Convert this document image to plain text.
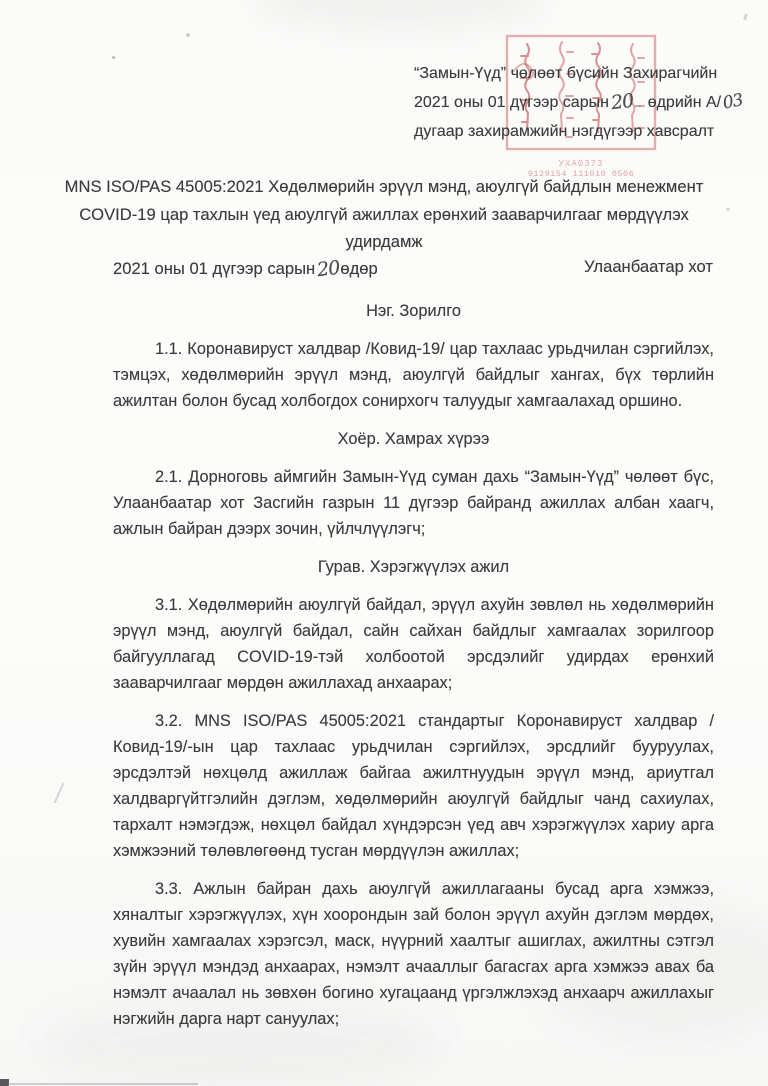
УХА0373
9129154 111010 0506
“Замын-Үүд” чөлөөт бүсийн Захирагчийн
2021 оны 01 дүгээр сарын20.. өдрийн А/03
дугаар захирамжийн нэгдүгээр хавсралт
MNS ISO/PAS 45005:2021 Хөдөлмөрийн эрүүл мэнд, аюулгүй байдлын менежмент
COVID-19 цар тахлын үед аюулгүй ажиллах ерөнхий зааварчилгааг мөрдүүлэх
удирдамж
2021 оны 01 дүгээр сарын20өдөр	Улаанбаатар хот
Нэг. Зорилго

1.1. Коронавируст халдвар /Ковид-19/ цар тахлаас урьдчилан сэргийлэх, тэмцэх, хөдөлмөрийн эрүүл мэнд, аюулгүй байдлыг хангах, бүх төрлийн ажилтан болон бусад холбогдох сонирхогч талуудыг хамгаалахад оршино.

Хоёр. Хамрах хүрээ

2.1. Дорноговь аймгийн Замын-Үүд суман дахь “Замын-Үүд” чөлөөт бүс, Улаанбаатар хот Засгийн газрын 11 дүгээр байранд ажиллах албан хаагч, ажлын байран дээрх зочин, үйлчлүүлэгч;

Гурав. Хэрэгжүүлэх ажил

3.1. Хөдөлмөрийн аюулгүй байдал, эрүүл ахуйн зөвлөл нь хөдөлмөрийн эрүүл мэнд, аюулгүй байдал, сайн сайхан байдлыг хамгаалах зорилгоор байгууллагад COVID-19-тэй холбоотой эрсдэлийг удирдах ерөнхий зааварчилгааг мөрдөн ажиллахад анхаарах;

3.2. MNS ISO/PAS 45005:2021 стандартыг Коронавируст халдвар /Ковид-19/-ын цар тахлаас урьдчилан сэргийлэх, эрсдлийг бууруулах, эрсдэлтэй нөхцөлд ажиллаж байгаа ажилтнуудын эрүүл мэнд, ариутгал халдваргүйтгэлийн дэглэм, хөдөлмөрийн аюулгүй байдлыг чанд сахиулах, тархалт нэмэгдэж, нөхцөл байдал хүндэрсэн үед авч хэрэгжүүлэх хариу арга хэмжээний төлөвлөгөөнд тусган мөрдүүлэн ажиллах;

3.3. Ажлын байран дахь аюулгүй ажиллагааны бусад арга хэмжээ, хяналтыг хэрэгжүүлэх, хүн хоорондын зай болон эрүүл ахуйн дэглэм мөрдөх, хувийн хамгаалах хэрэгсэл, маск, нүүрний хаалтыг ашиглах, ажилтны сэтгэл зүйн эрүүл мэндэд анхаарах, нэмэлт ачааллыг багасгах арга хэмжээ авах ба нэмэлт ачаалал нь зөвхөн богино хугацаанд үргэлжлэхэд анхаарч ажиллахыг нэгжийн дарга нарт сануулах;
